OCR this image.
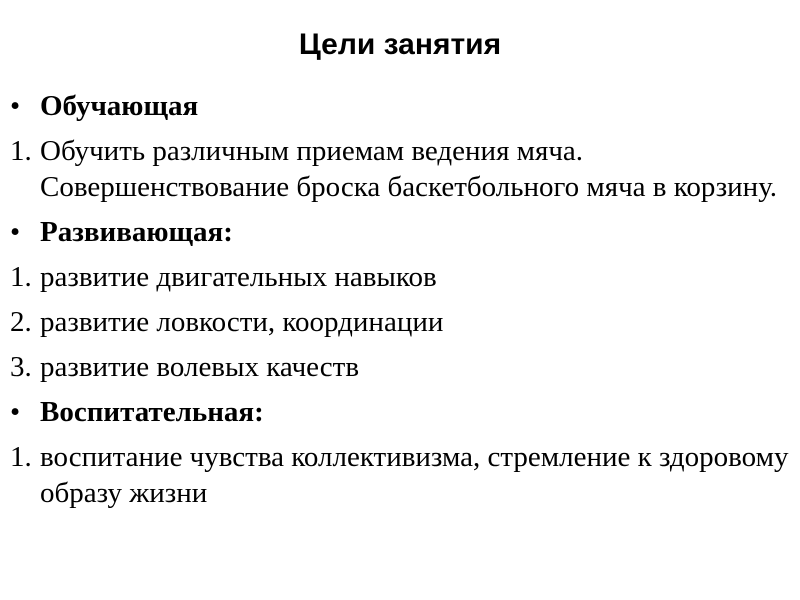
Цели занятия
• Обучающая
1. Обучить различным приемам ведения мяча. Совершенствование броска баскетбольного мяча в корзину.
• Развивающая:
1. развитие двигательных навыков
2. развитие ловкости, координации
3. развитие волевых качеств
• Воспитательная:
1. воспитание чувства коллективизма, стремление к здоровому образу жизни
